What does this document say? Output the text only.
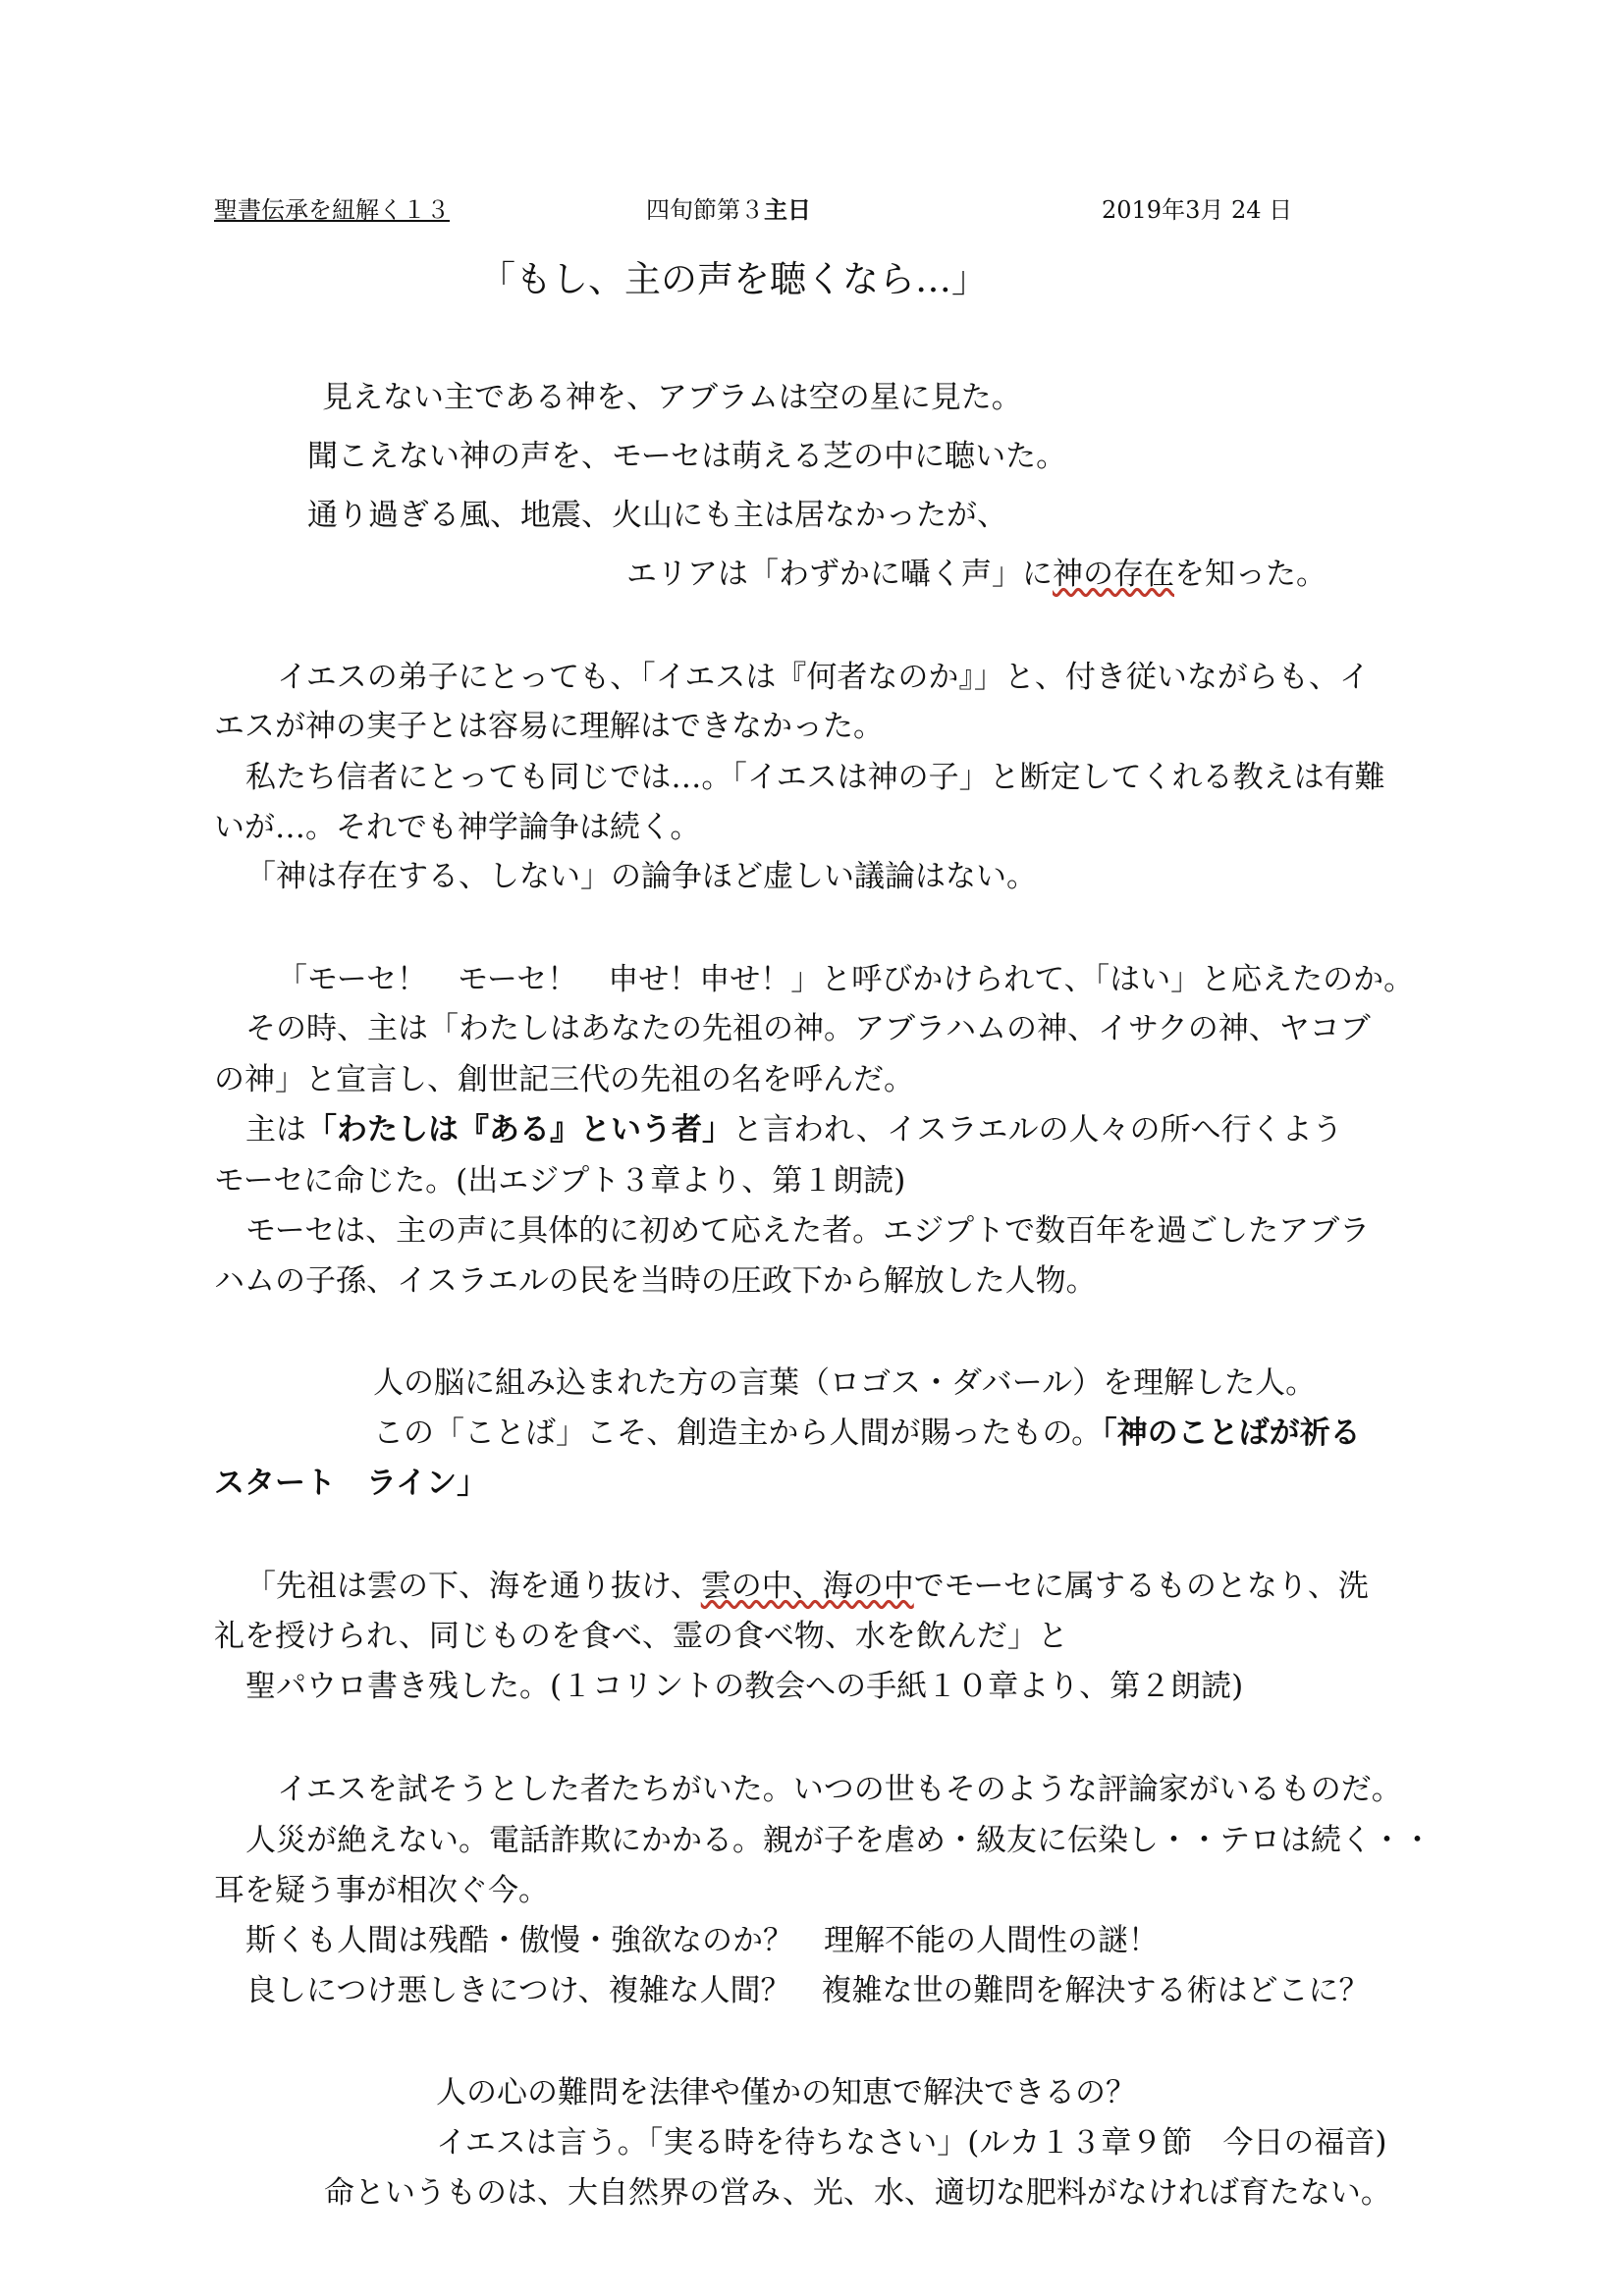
聖書伝承を紐解く１３	四旬節第３主日	2019年3月 24 日
「もし、主の声を聴くなら…」
見えない主である神を、アブラムは空の星に見た。
聞こえない神の声を、モーセは萌える芝の中に聴いた。
通り過ぎる風、地震、火山にも主は居なかったが、
エリアは「わずかに囁く声」に神の存在を知った。
イエスの弟子にとっても、「イエスは『何者なのか』」と、付き従いながらも、イ
エスが神の実子とは容易に理解はできなかった。
私たち信者にとっても同じでは…。「イエスは神の子」と断定してくれる教えは有難
いが…。それでも神学論争は続く。
「神は存在する、しない」の論争ほど虚しい議論はない。
「モーセ！　モーセ！　申せ！申せ！」と呼びかけられて、「はい」と応えたのか。
その時、主は「わたしはあなたの先祖の神。アブラハムの神、イサクの神、ヤコブ
の神」と宣言し、創世記三代の先祖の名を呼んだ。
主は「わたしは『ある』という者」と言われ、イスラエルの人々の所へ行くよう
モーセに命じた。(出エジプト３章より、第１朗読)
モーセは、主の声に具体的に初めて応えた者。エジプトで数百年を過ごしたアブラ
ハムの子孫、イスラエルの民を当時の圧政下から解放した人物。
人の脳に組み込まれた方の言葉（ロゴス・ダバール）を理解した人。
この「ことば」こそ、創造主から人間が賜ったもの。「神のことばが祈る
スタート　ライン」
「先祖は雲の下、海を通り抜け、雲の中、海の中でモーセに属するものとなり、洗
礼を授けられ、同じものを食べ、霊の食べ物、水を飲んだ」と
聖パウロ書き残した。(１コリントの教会への手紙１０章より、第２朗読)
イエスを試そうとした者たちがいた。いつの世もそのような評論家がいるものだ。
人災が絶えない。電話詐欺にかかる。親が子を虐め・級友に伝染し・・テロは続く・・
耳を疑う事が相次ぐ今。
斯くも人間は残酷・傲慢・強欲なのか？　理解不能の人間性の謎！
良しにつけ悪しきにつけ、複雑な人間？　複雑な世の難問を解決する術はどこに？
人の心の難問を法律や僅かの知恵で解決できるの？
イエスは言う。「実る時を待ちなさい」(ルカ１３章９節　今日の福音)
命というものは、大自然界の営み、光、水、適切な肥料がなければ育たない。
